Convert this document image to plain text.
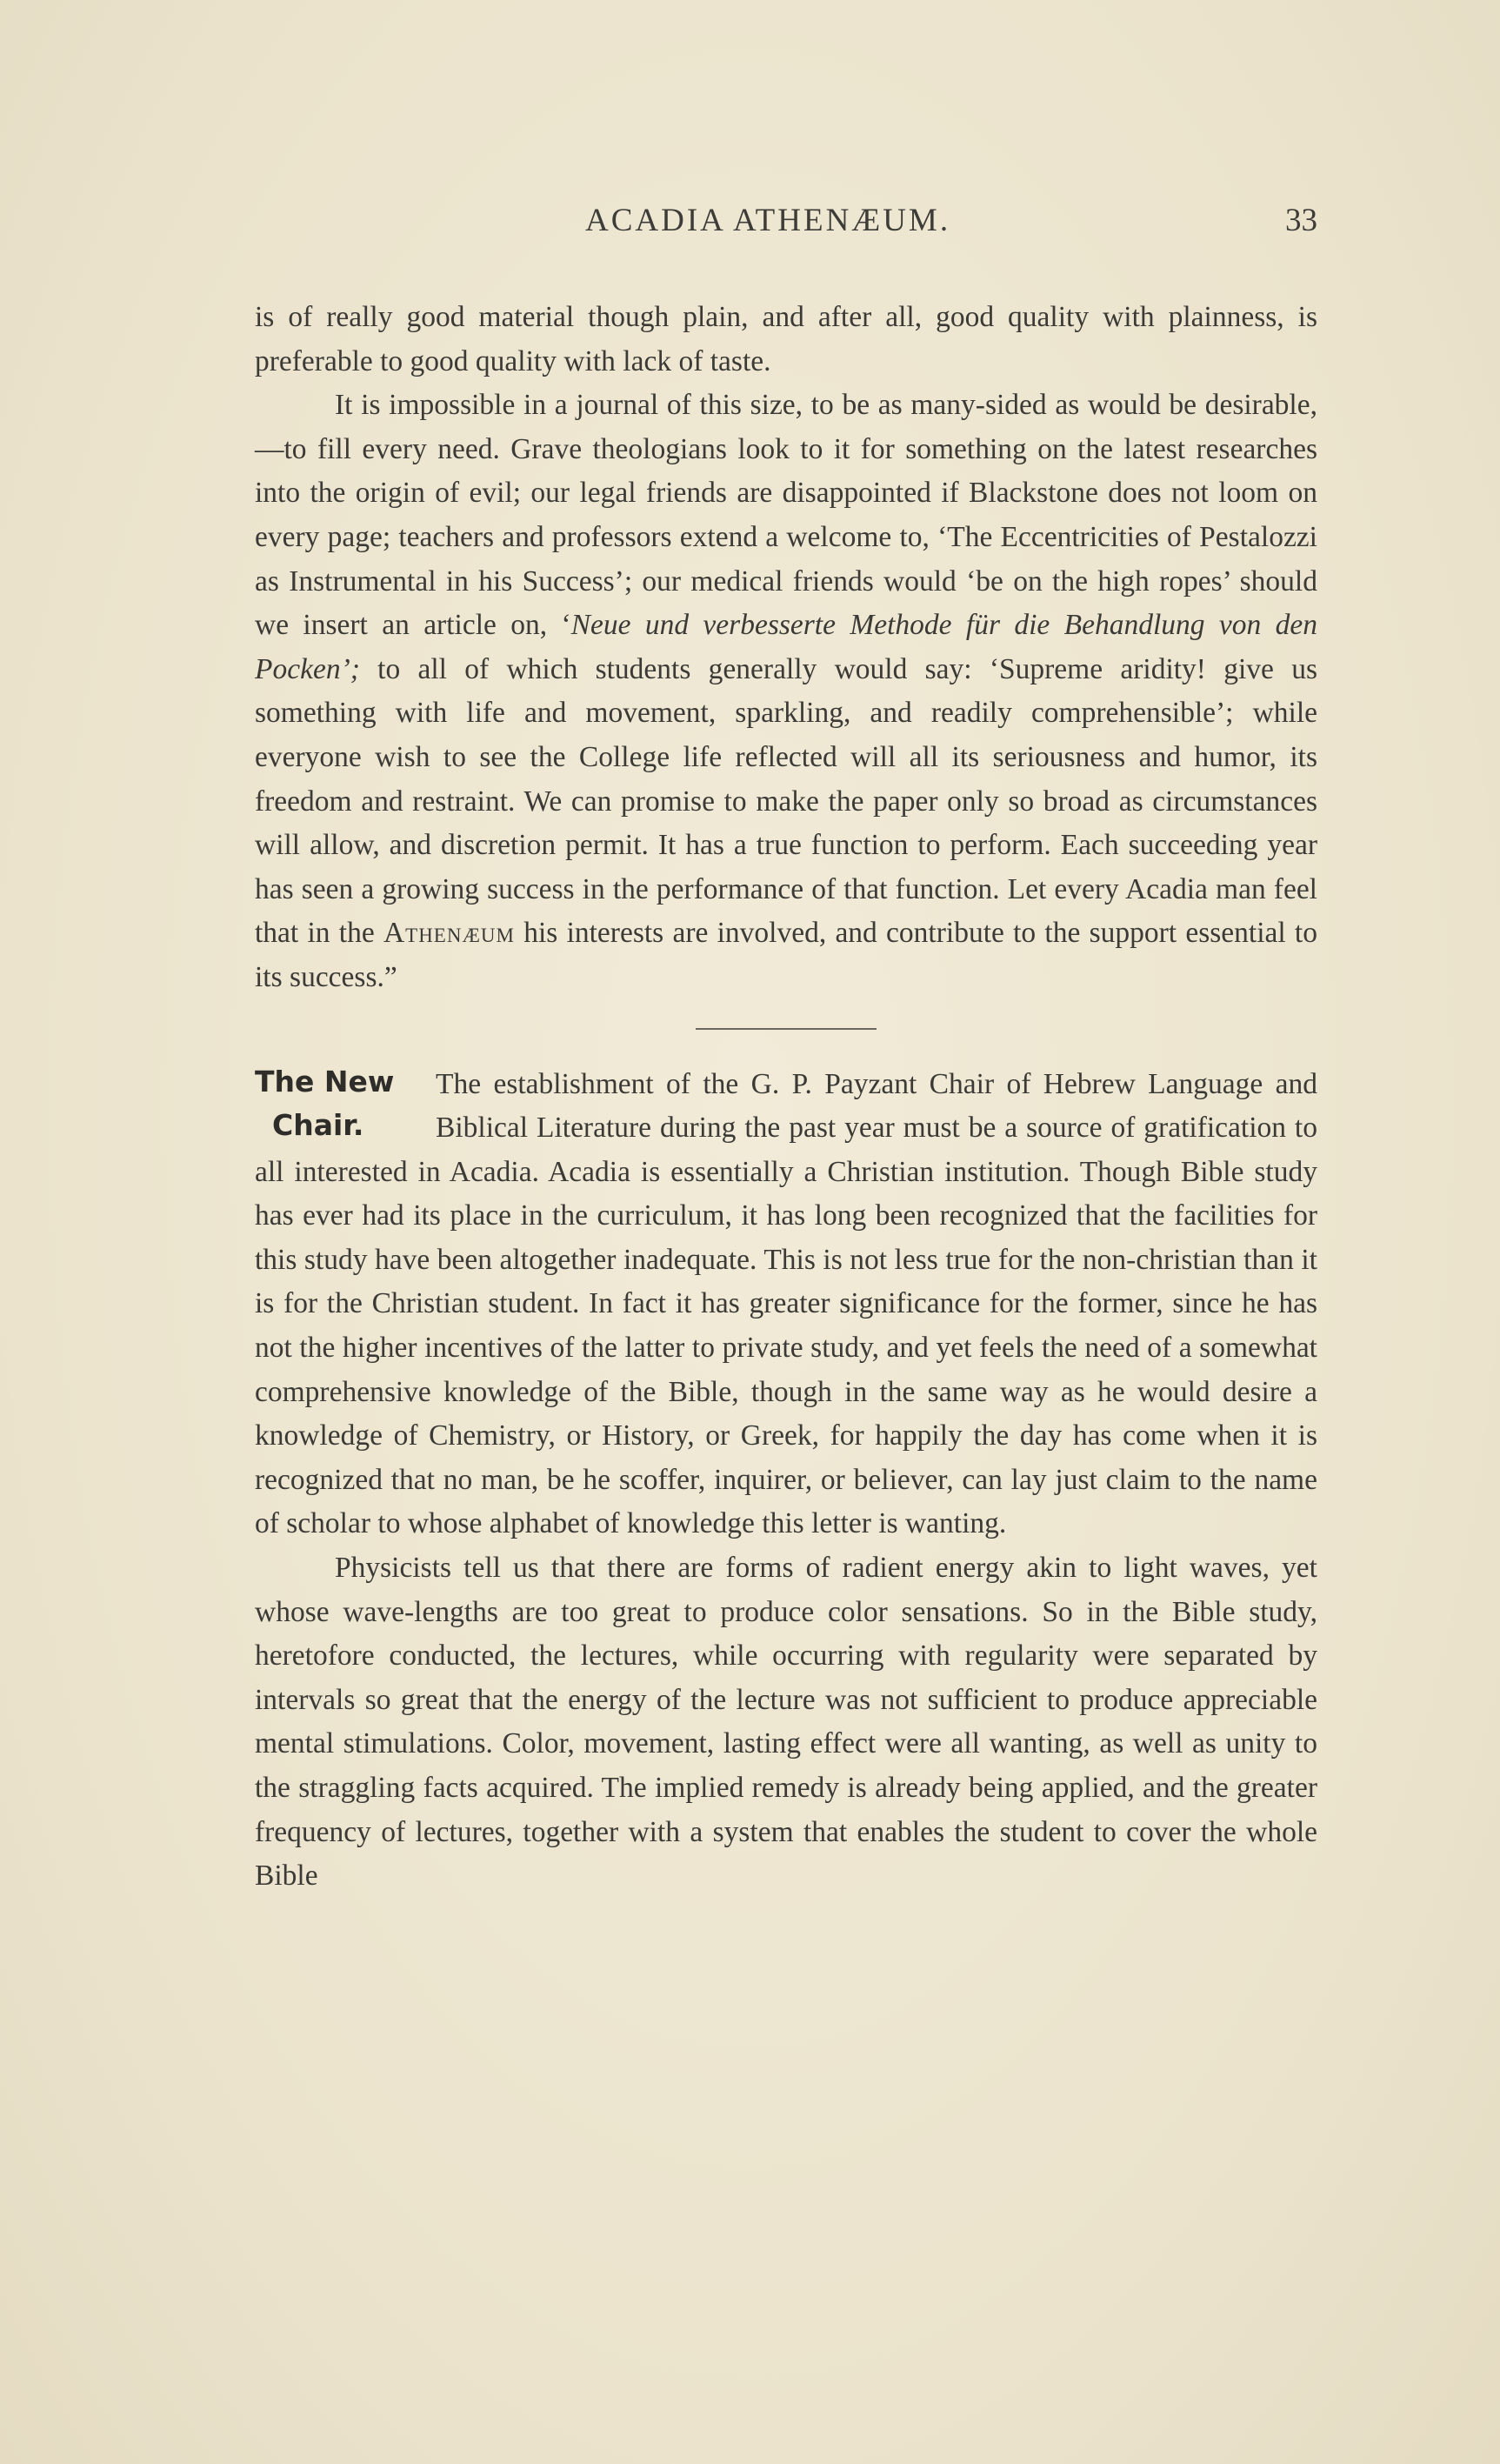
ACADIA ATHENÆUM.	33

is of really good material though plain, and after all, good quality with plainness, is preferable to good quality with lack of taste.

It is impossible in a journal of this size, to be as many-sided as would be desirable,—to fill every need. Grave theologians look to it for something on the latest researches into the origin of evil; our legal friends are disappointed if Blackstone does not loom on every page; teachers and professors extend a welcome to, ‘The Eccentricities of Pestalozzi as Instrumental in his Success’; our medical friends would ‘be on the high ropes’ should we insert an article on, ‘Neue und verbesserte Methode für die Behandlung von den Pocken’; to all of which students generally would say: ‘Supreme aridity! give us something with life and movement, sparkling, and readily comprehensible’; while everyone wish to see the College life reflected will all its seriousness and humor, its freedom and restraint. We can promise to make the paper only so broad as circumstances will allow, and discretion permit. It has a true function to perform. Each succeeding year has seen a growing success in the performance of that function. Let every Acadia man feel that in the Athenæum his interests are involved, and contribute to the support essential to its success.”

The New
Chair.

The establishment of the G. P. Payzant Chair of Hebrew Language and Biblical Literature during the past year must be a source of gratification to all interested in Acadia. Acadia is essentially a Christian institution. Though Bible study has ever had its place in the curriculum, it has long been recognized that the facilities for this study have been altogether inadequate. This is not less true for the non-christian than it is for the Christian student. In fact it has greater significance for the former, since he has not the higher incentives of the latter to private study, and yet feels the need of a somewhat comprehensive knowledge of the Bible, though in the same way as he would desire a knowledge of Chemistry, or History, or Greek, for happily the day has come when it is recognized that no man, be he scoffer, inquirer, or believer, can lay just claim to the name of scholar to whose alphabet of knowledge this letter is wanting.

Physicists tell us that there are forms of radient energy akin to light waves, yet whose wave-lengths are too great to produce color sensations. So in the Bible study, heretofore conducted, the lectures, while occurring with regularity were separated by intervals so great that the energy of the lecture was not sufficient to produce appreciable mental stimulations. Color, movement, lasting effect were all wanting, as well as unity to the straggling facts acquired. The implied remedy is already being applied, and the greater frequency of lectures, together with a system that enables the student to cover the whole Bible
